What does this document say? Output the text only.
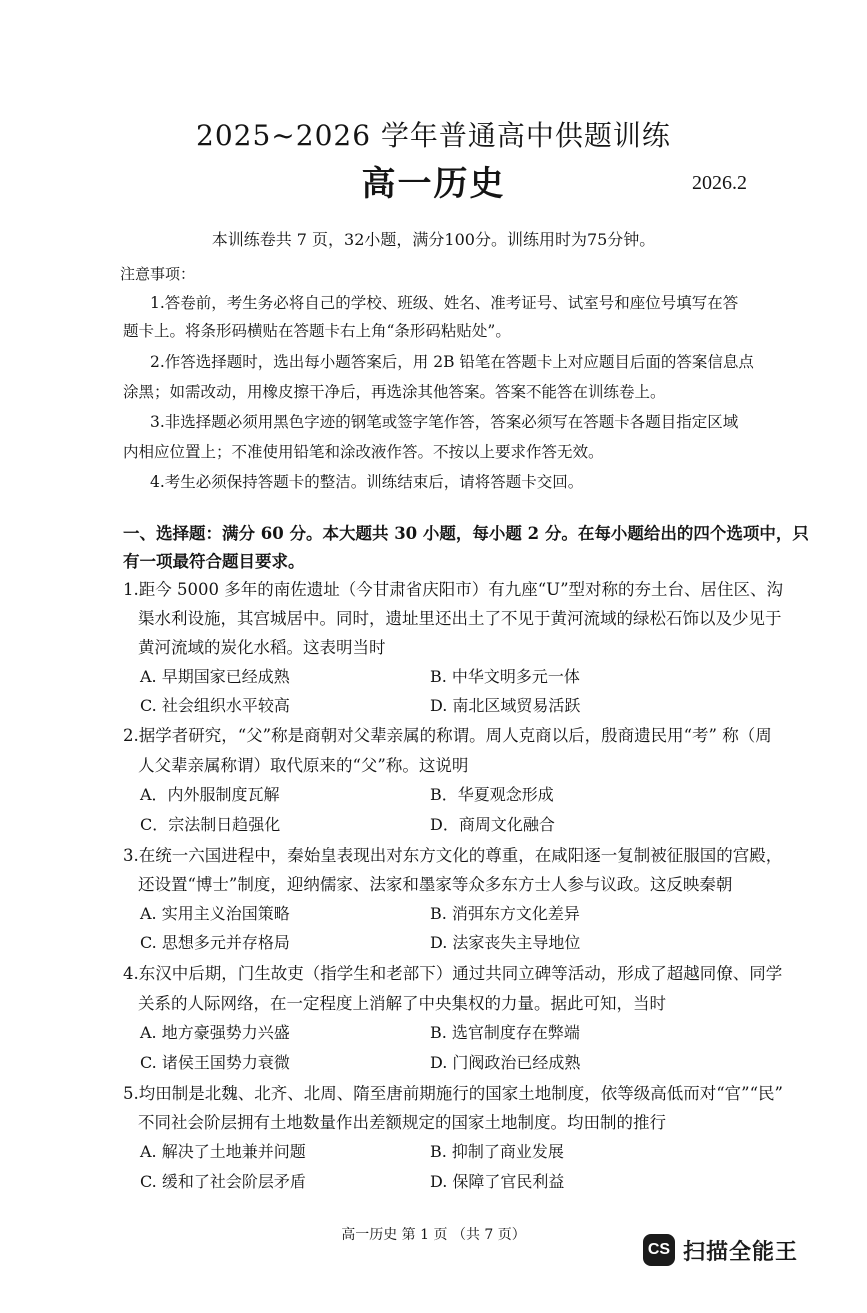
2025~2026 学年普通高中供题训练
高一历史	2026.2
本训练卷共 7 页，32小题，满分100分。训练用时为75分钟。
注意事项：
1.答卷前，考生务必将自己的学校、班级、姓名、准考证号、试室号和座位号填写在答
题卡上。将条形码横贴在答题卡右上角“条形码粘贴处”。
2.作答选择题时，选出每小题答案后，用 2B 铅笔在答题卡上对应题目后面的答案信息点
涂黑；如需改动，用橡皮擦干净后，再选涂其他答案。答案不能答在训练卷上。
3.非选择题必须用黑色字迹的钢笔或签字笔作答，答案必须写在答题卡各题目指定区域
内相应位置上；不准使用铅笔和涂改液作答。不按以上要求作答无效。
4.考生必须保持答题卡的整洁。训练结束后，请将答题卡交回。
一、选择题：满分 60 分。本大题共 30 小题，每小题 2 分。在每小题给出的四个选项中，只
有一项最符合题目要求。
1.距今 5000 多年的南佐遗址（今甘肃省庆阳市）有九座“U”型对称的夯土台、居住区、沟
渠水利设施，其宫城居中。同时，遗址里还出土了不见于黄河流域的绿松石饰以及少见于
黄河流域的炭化水稻。这表明当时
A. 早期国家已经成熟	B. 中华文明多元一体
C. 社会组织水平较高	D. 南北区域贸易活跃
2.据学者研究，“父”称是商朝对父辈亲属的称谓。周人克商以后，殷商遗民用“考” 称（周
人父辈亲属称谓）取代原来的“父”称。这说明
A．内外服制度瓦解	B．华夏观念形成
C．宗法制日趋强化	D．商周文化融合
3.在统一六国进程中，秦始皇表现出对东方文化的尊重，在咸阳逐一复制被征服国的宫殿，
还设置“博士”制度，迎纳儒家、法家和墨家等众多东方士人参与议政。这反映秦朝
A. 实用主义治国策略	B. 消弭东方文化差异
C. 思想多元并存格局	D. 法家丧失主导地位
4.东汉中后期，门生故吏（指学生和老部下）通过共同立碑等活动，形成了超越同僚、同学
关系的人际网络，在一定程度上消解了中央集权的力量。据此可知，当时
A. 地方豪强势力兴盛	B. 选官制度存在弊端
C. 诸侯王国势力衰微	D. 门阀政治已经成熟
5.均田制是北魏、北齐、北周、隋至唐前期施行的国家土地制度，依等级高低而对“官”“民”
不同社会阶层拥有土地数量作出差额规定的国家土地制度。均田制的推行
A. 解决了土地兼并问题	B. 抑制了商业发展
C. 缓和了社会阶层矛盾	D. 保障了官民利益
高一历史 第 1 页 （共 7 页）
CS 扫描全能王
